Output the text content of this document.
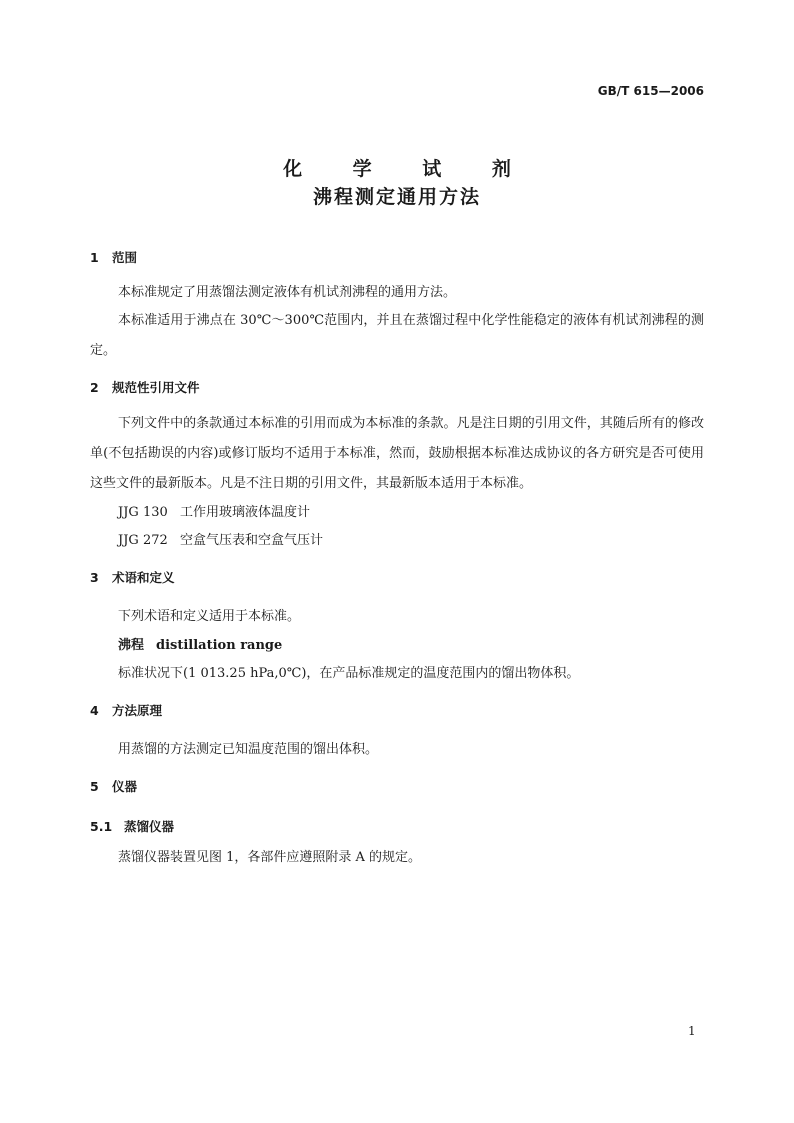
GB/T 615—2006
化 学 试 剂
沸程测定通用方法
1 范围
本标准规定了用蒸馏法测定液体有机试剂沸程的通用方法。
本标准适用于沸点在 30℃～300℃范围内，并且在蒸馏过程中化学性能稳定的液体有机试剂沸程的测定。
2 规范性引用文件
下列文件中的条款通过本标准的引用而成为本标准的条款。凡是注日期的引用文件，其随后所有的修改单(不包括勘误的内容)或修订版均不适用于本标准，然而，鼓励根据本标准达成协议的各方研究是否可使用这些文件的最新版本。凡是不注日期的引用文件，其最新版本适用于本标准。
JJG 130 工作用玻璃液体温度计
JJG 272 空盒气压表和空盒气压计
3 术语和定义
下列术语和定义适用于本标准。
沸程 distillation range
标准状况下(1 013.25 hPa,0℃)，在产品标准规定的温度范围内的馏出物体积。
4 方法原理
用蒸馏的方法测定已知温度范围的馏出体积。
5 仪器
5.1 蒸馏仪器
蒸馏仪器装置见图 1，各部件应遵照附录 A 的规定。
1
